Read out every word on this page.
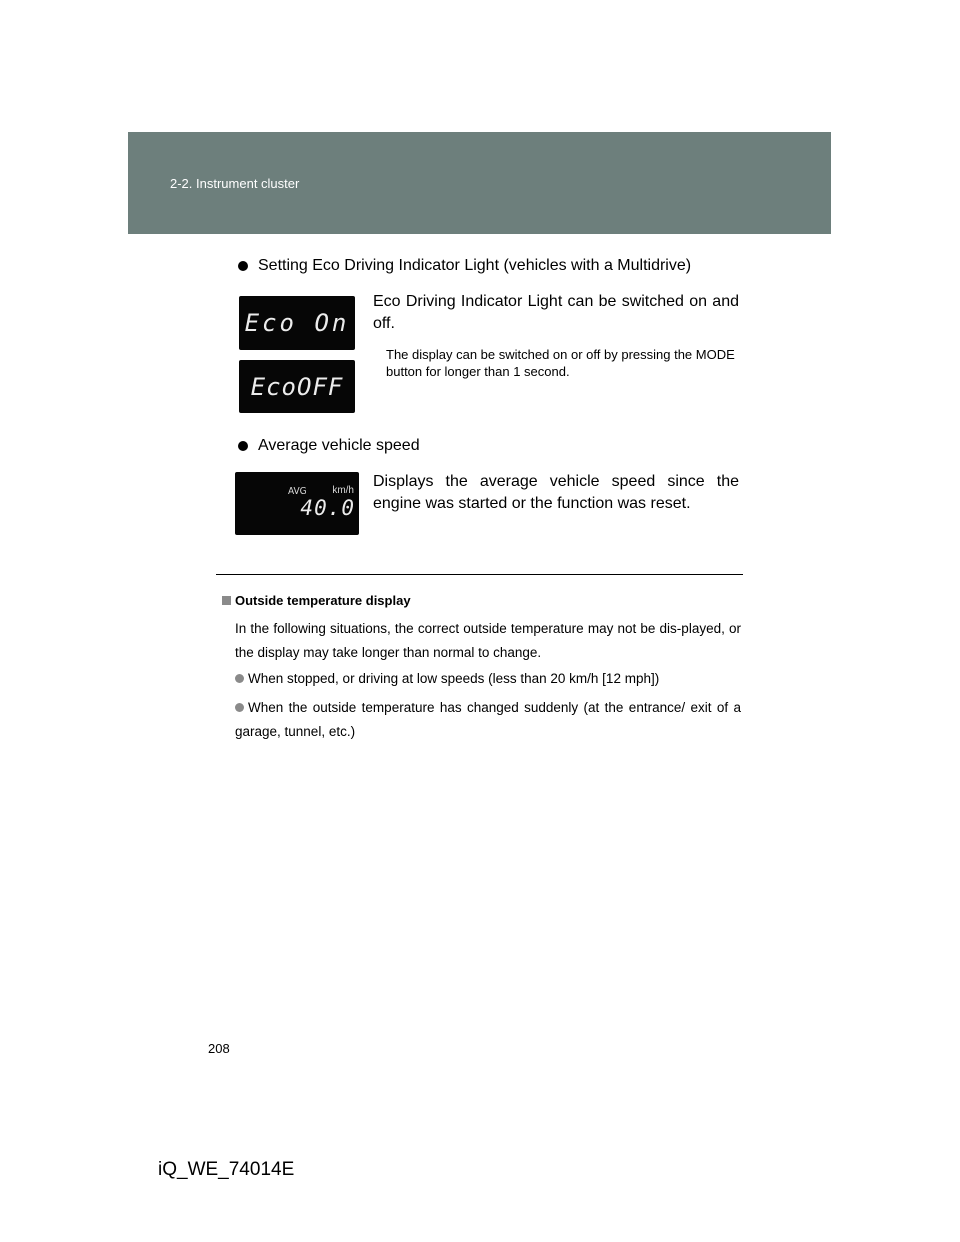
2-2. Instrument cluster
Setting Eco Driving Indicator Light (vehicles with a Multidrive)
Eco On
EcoOFF
Eco Driving Indicator Light can be switched on and off.
The display can be switched on or off by pressing the MODE button for longer than 1 second.
Average vehicle speed
AVG	km/h
40.0
Displays the average vehicle speed since the engine was started or the function was reset.
Outside temperature display
In the following situations, the correct outside temperature may not be dis-played, or the display may take longer than normal to change.
When stopped, or driving at low speeds (less than 20 km/h [12 mph])
When the outside temperature has changed suddenly (at the entrance/ exit of a garage, tunnel, etc.)
208
iQ_WE_74014E
